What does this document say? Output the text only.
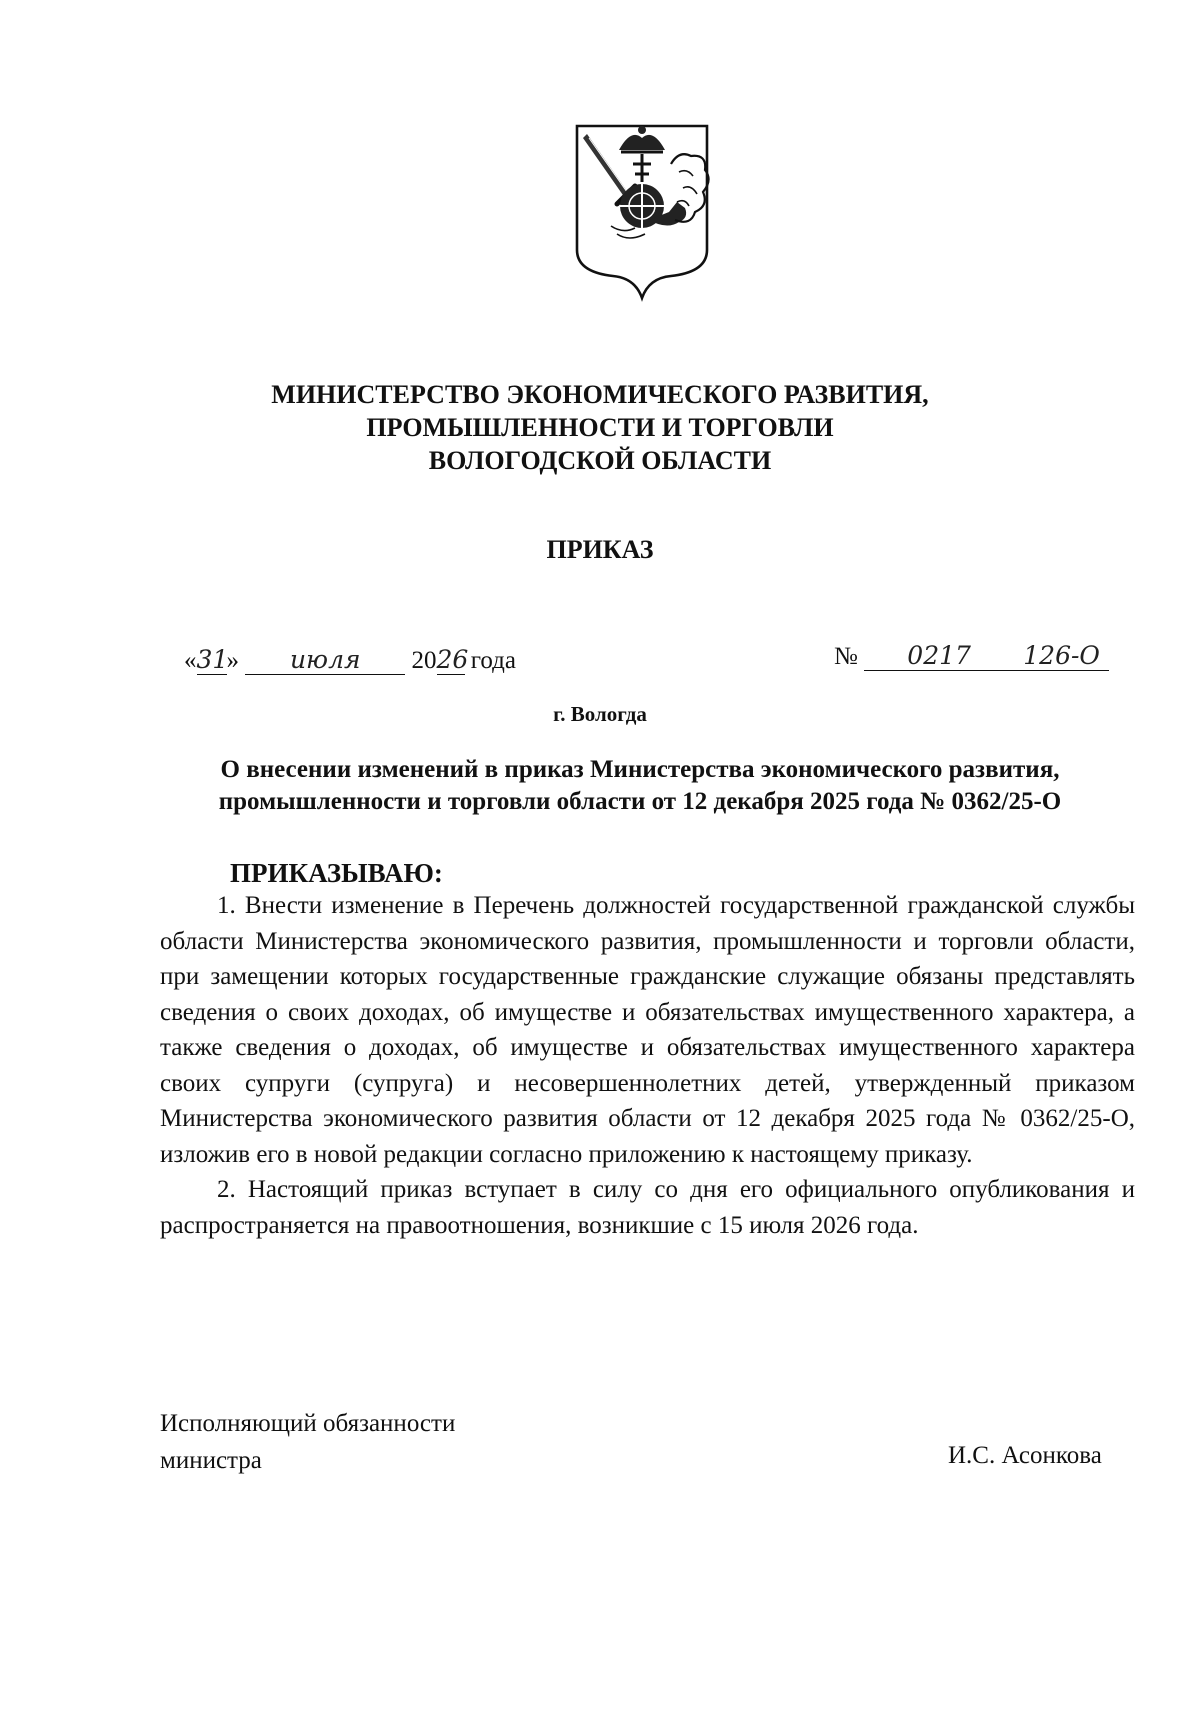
МИНИСТЕРСТВО ЭКОНОМИЧЕСКОГО РАЗВИТИЯ,
ПРОМЫШЛЕННОСТИ И ТОРГОВЛИ
ВОЛОГОДСКОЙ ОБЛАСТИ
ПРИКАЗ
«31» июля 2026 года	№ 0217 126-О
г. Вологда
О внесении изменений в приказ Министерства экономического развития,
промышленности и торговли области от 12 декабря 2025 года № 0362/25-О
ПРИКАЗЫВАЮ:

1. Внести изменение в Перечень должностей государственной гражданской службы области Министерства экономического развития, промышленности и торговли области, при замещении которых государственные гражданские служащие обязаны представлять сведения о своих доходах, об имуществе и обязательствах имущественного характера, а также сведения о доходах, об имуществе и обязательствах имущественного характера своих супруги (супруга) и несовершеннолетних детей, утвержденный приказом Министерства экономического развития области от 12 декабря 2025 года № 0362/25-О, изложив его в новой редакции согласно приложению к настоящему приказу.

2. Настоящий приказ вступает в силу со дня его официального опубликования и распространяется на правоотношения, возникшие с 15 июля 2026 года.

Исполняющий обязанности
министра	И.С. Асонкова
